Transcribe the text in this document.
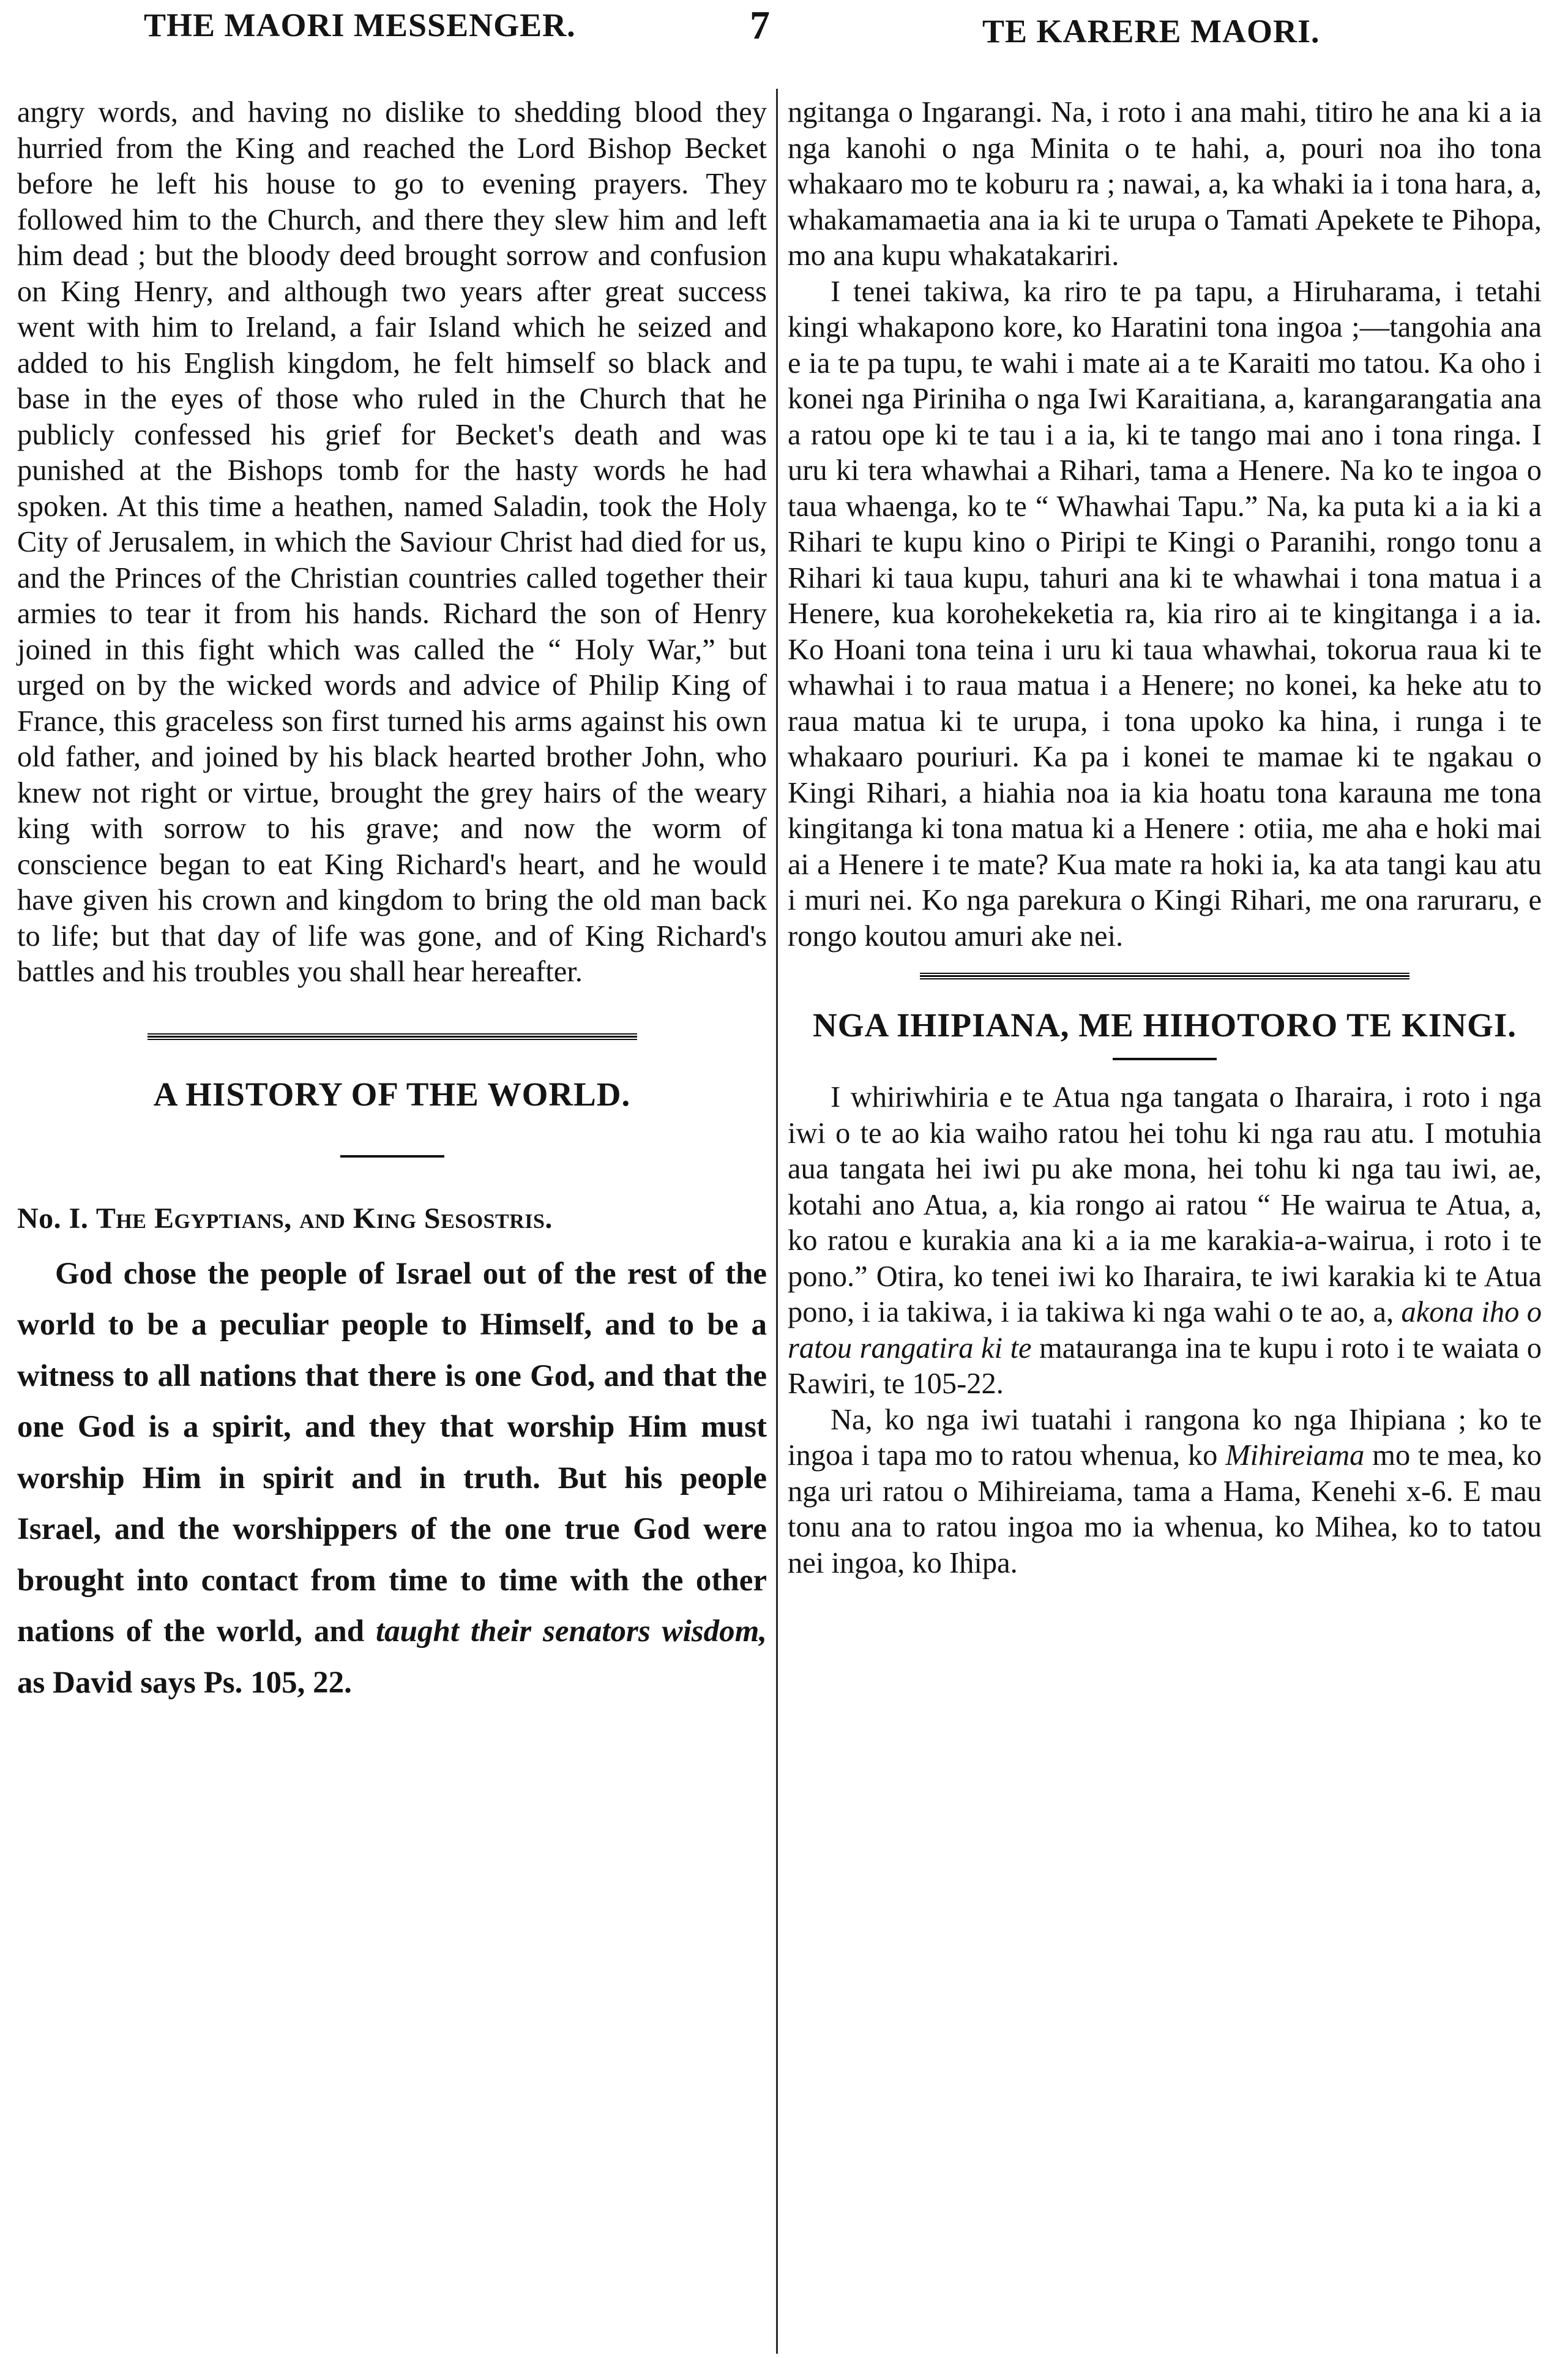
THE MAORI MESSENGER.	7	TE KARERE MAORI.

angry words, and having no dislike to shedding blood they hurried from the King and reached the Lord Bishop Becket before he left his house to go to evening prayers. They followed him to the Church, and there they slew him and left him dead ; but the bloody deed brought sorrow and confusion on King Henry, and although two years after great success went with him to Ireland, a fair Island which he seized and added to his English kingdom, he felt himself so black and base in the eyes of those who ruled in the Church that he publicly confessed his grief for Becket's death and was punished at the Bishops tomb for the hasty words he had spoken. At this time a heathen, named Saladin, took the Holy City of Jerusalem, in which the Saviour Christ had died for us, and the Princes of the Christian countries called together their armies to tear it from his hands. Richard the son of Henry joined in this fight which was called the “ Holy War,” but urged on by the wicked words and advice of Philip King of France, this graceless son first turned his arms against his own old father, and joined by his black hearted brother John, who knew not right or virtue, brought the grey hairs of the weary king with sorrow to his grave; and now the worm of conscience began to eat King Richard's heart, and he would have given his crown and kingdom to bring the old man back to life; but that day of life was gone, and of King Richard's battles and his troubles you shall hear hereafter.

A HISTORY OF THE WORLD.

No. I. The Egyptians, and King Sesostris.

God chose the people of Israel out of the rest of the world to be a peculiar people to Himself, and to be a witness to all nations that there is one God, and that the one God is a spirit, and they that worship Him must worship Him in spirit and in truth. But his people Israel, and the worshippers of the one true God were brought into contact from time to time with the other nations of the world, and taught their senators wisdom, as David says Ps. 105, 22.

ngitanga o Ingarangi. Na, i roto i ana mahi, titiro he ana ki a ia nga kanohi o nga Minita o te hahi, a, pouri noa iho tona whakaaro mo te koburu ra ; nawai, a, ka whaki ia i tona hara, a, whakamamaetia ana ia ki te urupa o Tamati Apekete te Pihopa, mo ana kupu whakatakariri.

I tenei takiwa, ka riro te pa tapu, a Hiruharama, i tetahi kingi whakapono kore, ko Haratini tona ingoa ;—tangohia ana e ia te pa tupu, te wahi i mate ai a te Karaiti mo tatou. Ka oho i konei nga Piriniha o nga Iwi Karaitiana, a, karangarangatia ana a ratou ope ki te tau i a ia, ki te tango mai ano i tona ringa. I uru ki tera whawhai a Rihari, tama a Henere. Na ko te ingoa o taua whaenga, ko te “ Whawhai Tapu.” Na, ka puta ki a ia ki a Rihari te kupu kino o Piripi te Kingi o Paranihi, rongo tonu a Rihari ki taua kupu, tahuri ana ki te whawhai i tona matua i a Henere, kua korohekeketia ra, kia riro ai te kingitanga i a ia. Ko Hoani tona teina i uru ki taua whawhai, tokorua raua ki te whawhai i to raua matua i a Henere; no konei, ka heke atu to raua matua ki te urupa, i tona upoko ka hina, i runga i te whakaaro pouriuri. Ka pa i konei te mamae ki te ngakau o Kingi Rihari, a hiahia noa ia kia hoatu tona karauna me tona kingitanga ki tona matua ki a Henere : otiia, me aha e hoki mai ai a Henere i te mate? Kua mate ra hoki ia, ka ata tangi kau atu i muri nei. Ko nga parekura o Kingi Rihari, me ona raruraru, e rongo koutou amuri ake nei.

NGA IHIPIANA, ME HIHOTORO TE KINGI.

I whiriwhiria e te Atua nga tangata o Iharaira, i roto i nga iwi o te ao kia waiho ratou hei tohu ki nga rau atu. I motuhia aua tangata hei iwi pu ake mona, hei tohu ki nga tau iwi, ae, kotahi ano Atua, a, kia rongo ai ratou “ He wairua te Atua, a, ko ratou e kurakia ana ki a ia me karakia-a-wairua, i roto i te pono.” Otira, ko tenei iwi ko Iharaira, te iwi karakia ki te Atua pono, i ia takiwa, i ia takiwa ki nga wahi o te ao, a, akona iho o ratou rangatira ki te matauranga ina te kupu i roto i te waiata o Rawiri, te 105-22.

Na, ko nga iwi tuatahi i rangona ko nga Ihipiana ; ko te ingoa i tapa mo to ratou whenua, ko Mihireiama mo te mea, ko nga uri ratou o Mihireiama, tama a Hama, Kenehi x-6. E mau tonu ana to ratou ingoa mo ia whenua, ko Mihea, ko to tatou nei ingoa, ko Ihipa.
